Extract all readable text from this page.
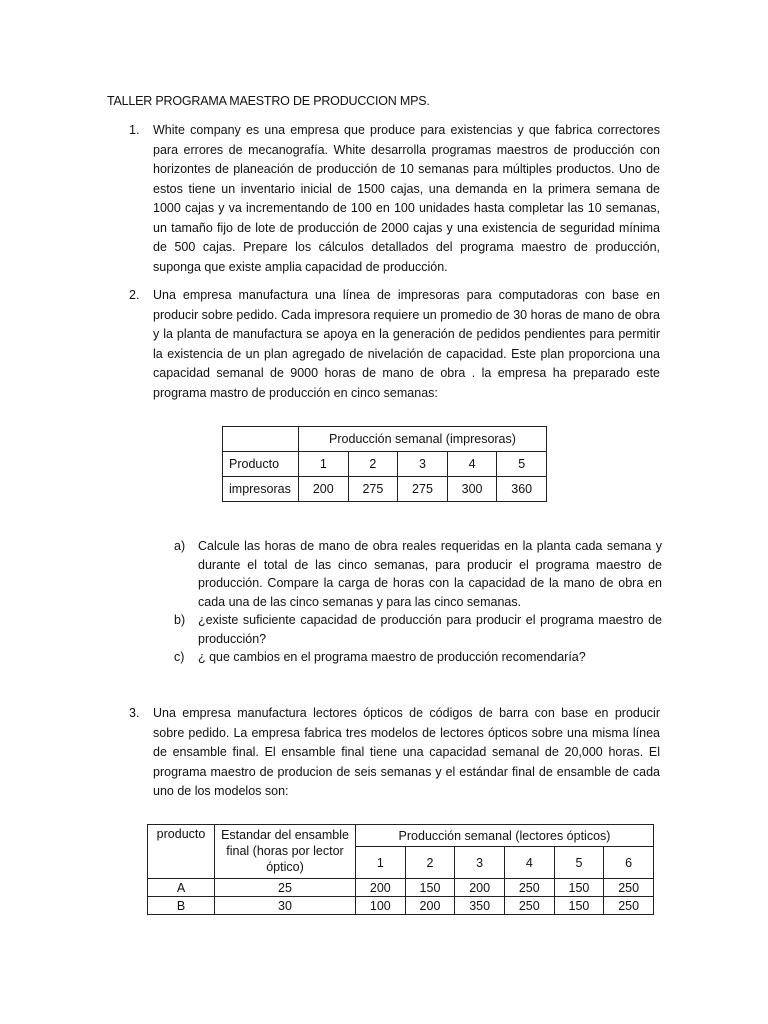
TALLER PROGRAMA MAESTRO DE PRODUCCION MPS.
1. White company es una empresa que produce para existencias y que fabrica correctores para errores de mecanografía. White desarrolla programas maestros de producción con horizontes de planeación de producción de 10 semanas para múltiples productos. Uno de estos tiene un inventario inicial de 1500 cajas, una demanda en la primera semana de 1000 cajas y va incrementando de 100 en 100 unidades hasta completar las 10 semanas, un tamaño fijo de lote de producción de 2000 cajas y una existencia de seguridad mínima de 500 cajas. Prepare los cálculos detallados del programa maestro de producción, suponga que existe amplia capacidad de producción.
2. Una empresa manufactura una línea de impresoras para computadoras con base en producir sobre pedido. Cada impresora requiere un promedio de 30 horas de mano de obra y la planta de manufactura se apoya en la generación de pedidos pendientes para permitir la existencia de un plan agregado de nivelación de capacidad. Este plan proporciona una capacidad semanal de 9000 horas de mano de obra . la empresa ha preparado este programa mastro de producción en cinco semanas:
	Producción semanal (impresoras)				
Producto	1	2	3	4	5
impresoras	200	275	275	300	360
a) Calcule las horas de mano de obra reales requeridas en la planta cada semana y durante el total de las cinco semanas, para producir el programa maestro de producción. Compare la carga de horas con la capacidad de la mano de obra en cada una de las cinco semanas y para las cinco semanas.
b) ¿existe suficiente capacidad de producción para producir el programa maestro de producción?
c) ¿ que cambios en el programa maestro de producción recomendaría?
3. Una empresa manufactura lectores ópticos de códigos de barra con base en producir sobre pedido. La empresa fabrica tres modelos de lectores ópticos sobre una misma línea de ensamble final. El ensamble final tiene una capacidad semanal de 20,000 horas. El programa maestro de producion de seis semanas y el estándar final de ensamble de cada uno de los modelos son:
producto	Estandar del ensamble final (horas por lector óptico)	Producción semanal (lectores ópticos)					
		1	2	3	4	5	6
A	25	200	150	200	250	150	250
B	30	100	200	350	250	150	250
